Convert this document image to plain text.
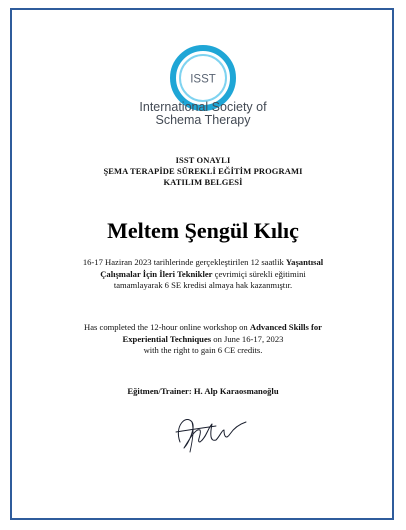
ISST
International Society of
Schema Therapy
ISST ONAYLI
ŞEMA TERAPİDE SÜREKLİ EĞİTİM PROGRAMI
KATILIM BELGESİ
Meltem Şengül Kılıç
16-17 Haziran 2023 tarihlerinde gerçekleştirilen 12 saatlik Yaşantısal
Çalışmalar İçin İleri Teknikler çevrimiçi sürekli eğitimini
tamamlayarak 6 SE kredisi almaya hak kazanmıştır.
Has completed the 12-hour online workshop on Advanced Skills for
Experiential Techniques on June 16-17, 2023
with the right to gain 6 CE credits.
Eğitmen/Trainer: H. Alp Karaosmanoğlu
